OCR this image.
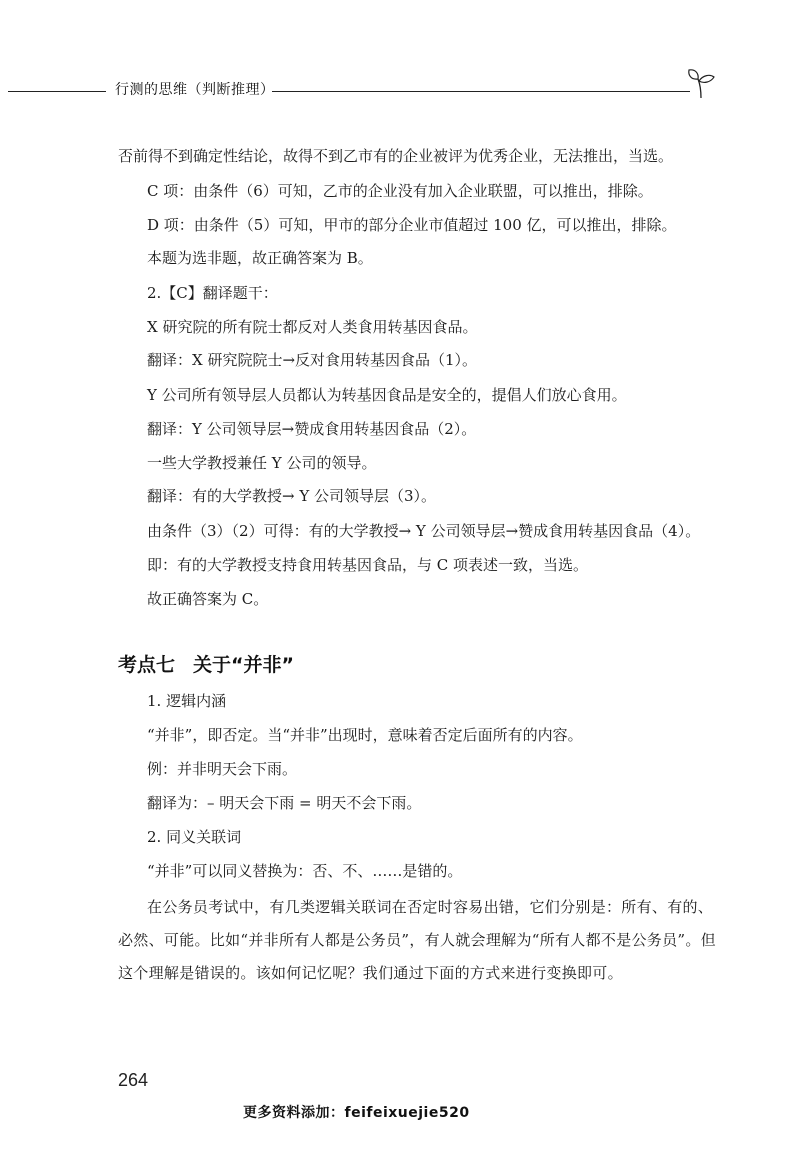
行测的思维（判断推理）
否前得不到确定性结论，故得不到乙市有的企业被评为优秀企业，无法推出，当选。
C 项：由条件（6）可知，乙市的企业没有加入企业联盟，可以推出，排除。
D 项：由条件（5）可知，甲市的部分企业市值超过 100 亿，可以推出，排除。
本题为选非题，故正确答案为 B。
2.【C】翻译题干：
X 研究院的所有院士都反对人类食用转基因食品。
翻译：X 研究院院士→反对食用转基因食品（1）。
Y 公司所有领导层人员都认为转基因食品是安全的，提倡人们放心食用。
翻译：Y 公司领导层→赞成食用转基因食品（2）。
一些大学教授兼任 Y 公司的领导。
翻译：有的大学教授→ Y 公司领导层（3）。
由条件（3）（2）可得：有的大学教授→ Y 公司领导层→赞成食用转基因食品（4）。
即：有的大学教授支持食用转基因食品，与 C 项表述一致，当选。
故正确答案为 C。
考点七 关于“并非”
1. 逻辑内涵
“并非”，即否定。当“并非”出现时，意味着否定后面所有的内容。
例：并非明天会下雨。
翻译为：– 明天会下雨 = 明天不会下雨。
2. 同义关联词
“并非”可以同义替换为：否、不、……是错的。
在公务员考试中，有几类逻辑关联词在否定时容易出错，它们分别是：所有、有的、必然、可能。比如“并非所有人都是公务员”，有人就会理解为“所有人都不是公务员”。但这个理解是错误的。该如何记忆呢？我们通过下面的方式来进行变换即可。
264
更多资料添加：feifeixuejie520
